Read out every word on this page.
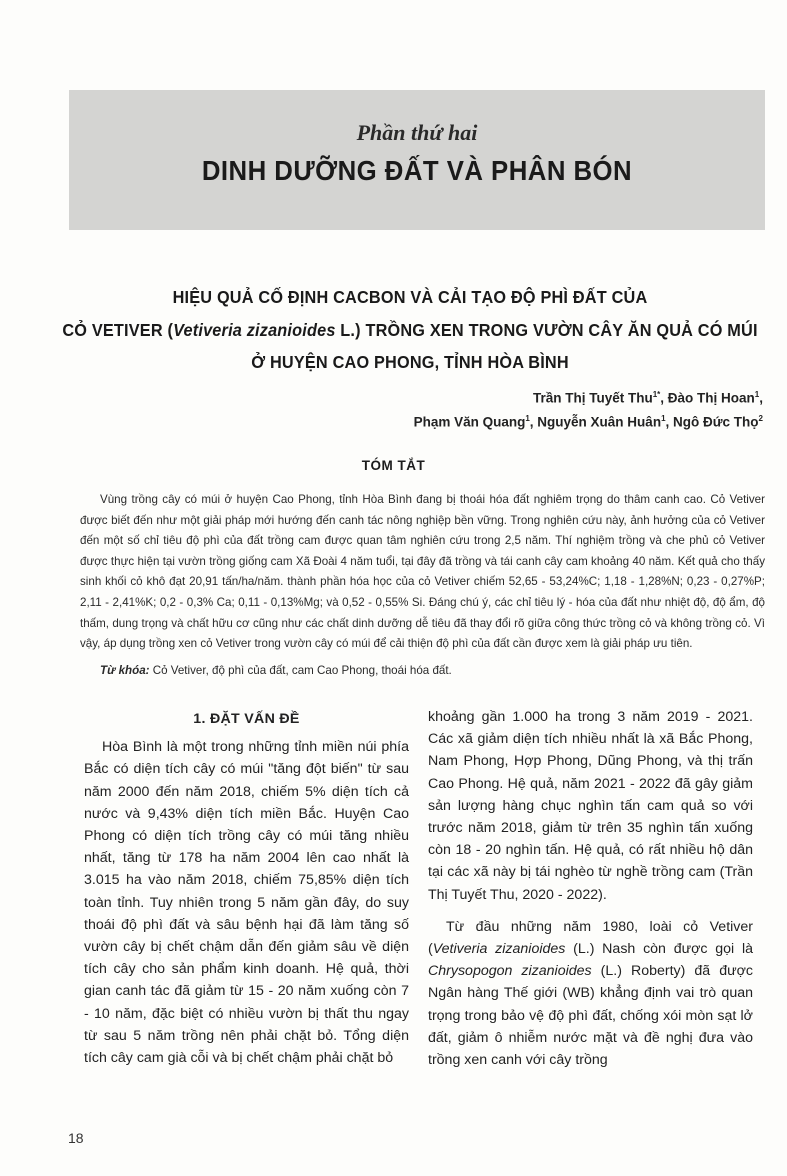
Phần thứ hai
DINH DƯỠNG ĐẤT VÀ PHÂN BÓN
HIỆU QUẢ CỐ ĐỊNH CACBON VÀ CẢI TẠO ĐỘ PHÌ ĐẤT CỦA
CỎ VETIVER (Vetiveria zizanioides L.) TRỒNG XEN TRONG VƯỜN CÂY ĂN QUẢ CÓ MÚI
Ở HUYỆN CAO PHONG, TỈNH HÒA BÌNH
Trần Thị Tuyết Thu$^{1*}$, Đào Thị Hoan$^1$,
Phạm Văn Quang$^1$, Nguyễn Xuân Huân$^1$, Ngô Đức Thọ$^2$
TÓM TẮT

Vùng trồng cây có múi ở huyện Cao Phong, tỉnh Hòa Bình đang bị thoái hóa đất nghiêm trọng do thâm canh cao. Cỏ Vetiver được biết đến như một giải pháp mới hướng đến canh tác nông nghiệp bền vững. Trong nghiên cứu này, ảnh hưởng của cỏ Vetiver đến một số chỉ tiêu độ phì của đất trồng cam được quan tâm nghiên cứu trong 2,5 năm. Thí nghiệm trồng và che phủ cỏ Vetiver được thực hiện tại vườn trồng giống cam Xã Đoài 4 năm tuổi, tại đây đã trồng và tái canh cây cam khoảng 40 năm. Kết quả cho thấy sinh khối cỏ khô đạt 20,91 tấn/ha/năm. thành phần hóa học của cỏ Vetiver chiếm 52,65 - 53,24%C; 1,18 - 1,28%N; 0,23 - 0,27%P; 2,11 - 2,41%K; 0,2 - 0,3% Ca; 0,11 - 0,13%Mg; và 0,52 - 0,55% Si. Đáng chú ý, các chỉ tiêu lý - hóa của đất như nhiệt độ, độ ẩm, độ thấm, dung trọng và chất hữu cơ cũng như các chất dinh dưỡng dễ tiêu đã thay đổi rõ giữa công thức trồng cỏ và không trồng cỏ. Vì vậy, áp dụng trồng xen cỏ Vetiver trong vườn cây có múi để cải thiện độ phì của đất cần được xem là giải pháp ưu tiên.

Từ khóa: Cỏ Vetiver, độ phì của đất, cam Cao Phong, thoái hóa đất.
1. ĐẶT VẤN ĐỀ

Hòa Bình là một trong những tỉnh miền núi phía Bắc có diện tích cây có múi "tăng đột biến" từ sau năm 2000 đến năm 2018, chiếm 5% diện tích cả nước và 9,43% diện tích miền Bắc. Huyện Cao Phong có diện tích trồng cây có múi tăng nhiều nhất, tăng từ 178 ha năm 2004 lên cao nhất là 3.015 ha vào năm 2018, chiếm 75,85% diện tích toàn tỉnh. Tuy nhiên trong 5 năm gần đây, do suy thoái độ phì đất và sâu bệnh hại đã làm tăng số vườn cây bị chết chậm dẫn đến giảm sâu về diện tích cây cho sản phẩm kinh doanh. Hệ quả, thời gian canh tác đã giảm từ 15 - 20 năm xuống còn 7 - 10 năm, đặc biệt có nhiều vườn bị thất thu ngay từ sau 5 năm trồng nên phải chặt bỏ. Tổng diện tích cây cam già cỗi và bị chết chậm phải chặt bỏ

khoảng gần 1.000 ha trong 3 năm 2019 - 2021. Các xã giảm diện tích nhiều nhất là xã Bắc Phong, Nam Phong, Hợp Phong, Dũng Phong, và thị trấn Cao Phong. Hệ quả, năm 2021 - 2022 đã gây giảm sản lượng hàng chục nghìn tấn cam quả so với trước năm 2018, giảm từ trên 35 nghìn tấn xuống còn 18 - 20 nghìn tấn. Hệ quả, có rất nhiều hộ dân tại các xã này bị tái nghèo từ nghề trồng cam (Trần Thị Tuyết Thu, 2020 - 2022).

Từ đầu những năm 1980, loài cỏ Vetiver (Vetiveria zizanioides (L.) Nash còn được gọi là Chrysopogon zizanioides (L.) Roberty) đã được Ngân hàng Thế giới (WB) khẳng định vai trò quan trọng trong bảo vệ độ phì đất, chống xói mòn sạt lở đất, giảm ô nhiễm nước mặt và đề nghị đưa vào trồng xen canh với cây trồng

18
